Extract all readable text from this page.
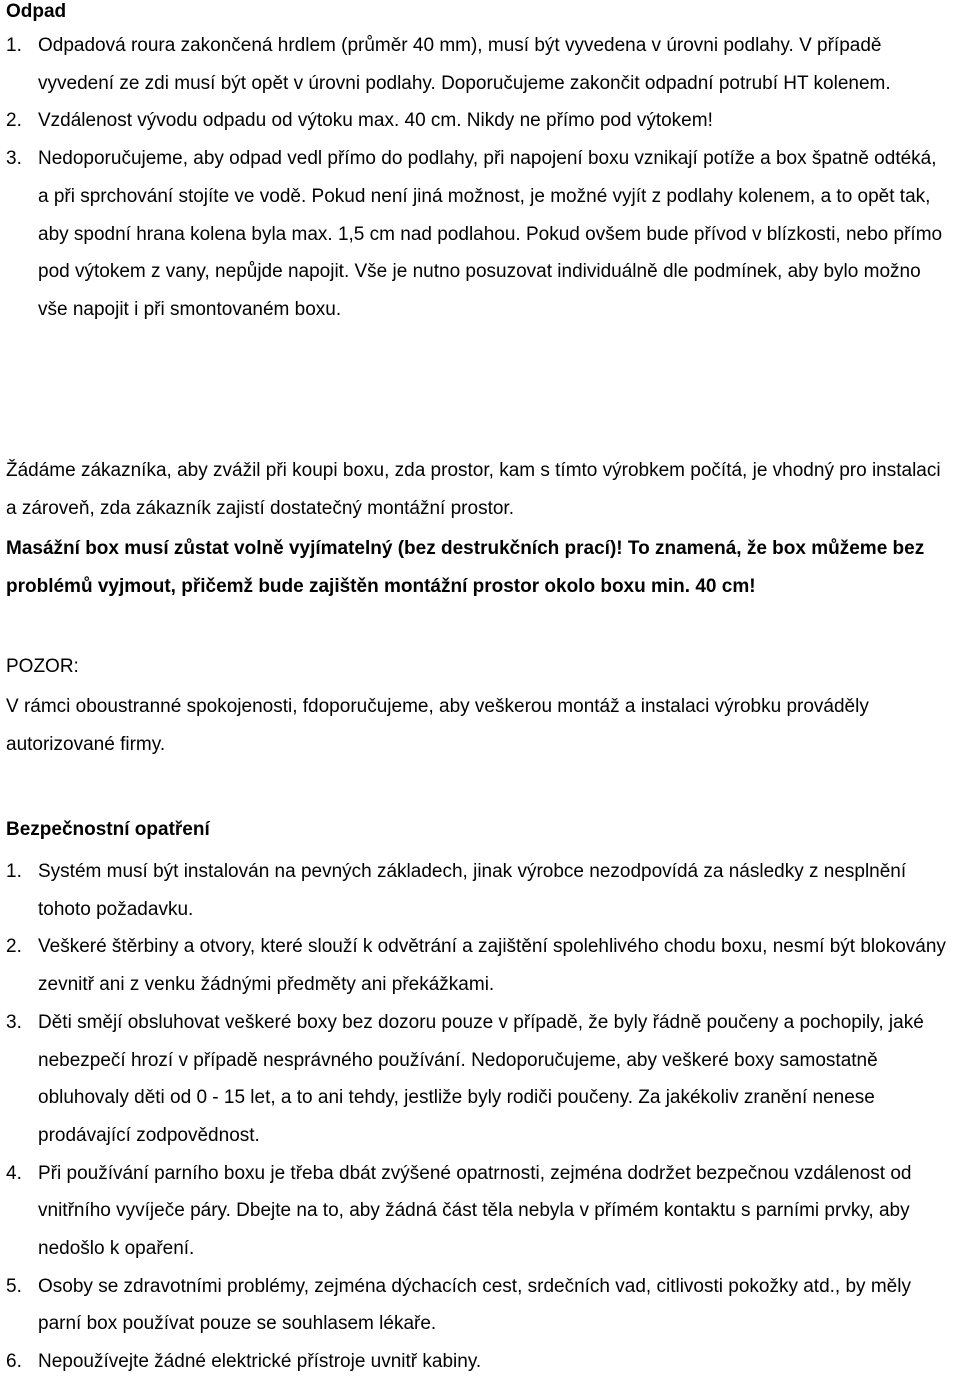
Odpad
1. Odpadová roura zakončená hrdlem (průměr 40 mm), musí být vyvedena v úrovni podlahy. V případě vyvedení ze zdi musí být opět v úrovni podlahy. Doporučujeme zakončit odpadní potrubí HT kolenem.
2. Vzdálenost vývodu odpadu od výtoku max. 40 cm. Nikdy ne přímo pod výtokem!
3. Nedoporučujeme, aby odpad vedl přímo do podlahy, při napojení boxu vznikají potíže a box špatně odtéká, a při sprchování stojíte ve vodě. Pokud není jiná možnost, je možné vyjít z podlahy kolenem, a to opět tak, aby spodní hrana kolena byla max. 1,5 cm nad podlahou. Pokud ovšem bude přívod v blízkosti, nebo přímo pod výtokem z vany, nepůjde napojit. Vše je nutno posuzovat individuálně dle podmínek, aby bylo možno vše napojit i při smontovaném boxu.

Žádáme zákazníka, aby zvážil při koupi boxu, zda prostor, kam s tímto výrobkem počítá, je vhodný pro instalaci a zároveň, zda zákazník zajistí dostatečný montážní prostor.

Masážní box musí zůstat volně vyjímatelný (bez destrukčních prací)! To znamená, že box můžeme bez problémů vyjmout, přičemž bude zajištěn montážní prostor okolo boxu min. 40 cm!

POZOR:

V rámci oboustranné spokojenosti, fdoporučujeme, aby veškerou montáž a instalaci výrobku prováděly autorizované firmy.

Bezpečnostní opatření
1. Systém musí být instalován na pevných základech, jinak výrobce nezodpovídá za následky z nesplnění tohoto požadavku.
2. Veškeré štěrbiny a otvory, které slouží k odvětrání a zajištění spolehlivého chodu boxu, nesmí být blokovány zevnitř ani z venku žádnými předměty ani překážkami.
3. Děti smějí obsluhovat veškeré boxy bez dozoru pouze v případě, že byly řádně poučeny a pochopily, jaké nebezpečí hrozí v případě nesprávného používání. Nedoporučujeme, aby veškeré boxy samostatně obluhovaly děti od 0 - 15 let, a to ani tehdy, jestliže byly rodiči poučeny. Za jakékoliv zranění nenese prodávající zodpovědnost.
4. Při používání parního boxu je třeba dbát zvýšené opatrnosti, zejména dodržet bezpečnou vzdálenost od vnitřního vyvíječe páry. Dbejte na to, aby žádná část těla nebyla v přímém kontaktu s parními prvky, aby nedošlo k opaření.
5. Osoby se zdravotními problémy, zejména dýchacích cest, srdečních vad, citlivosti pokožky atd., by měly parní box používat pouze se souhlasem lékaře.
6. Nepoužívejte žádné elektrické přístroje uvnitř kabiny.
